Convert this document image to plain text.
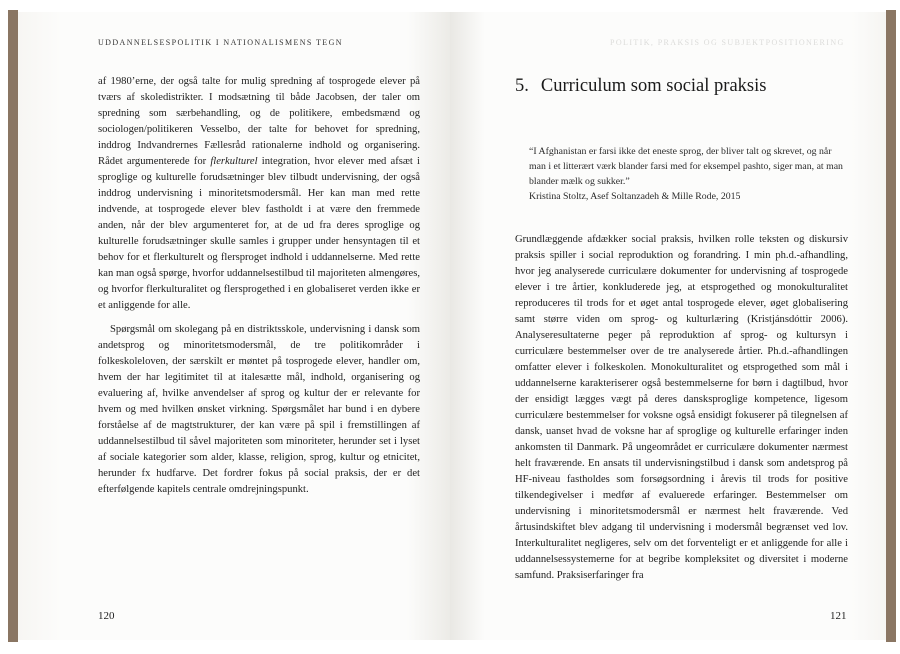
UDDANNELSESPOLITIK I NATIONALISMENS TEGN

af 1980’erne, der også talte for mulig spredning af tosprogede elever på tværs af skoledistrikter. I modsætning til både Jacobsen, der taler om spredning som særbehandling, og de politikere, embedsmænd og sociologen/politikeren Vesselbo, der talte for behovet for spredning, inddrog Indvandrernes Fællesråd rationalerne indhold og organisering. Rådet argumenterede for flerkulturel integration, hvor elever med afsæt i sproglige og kulturelle forudsætninger blev tilbudt undervisning, der også inddrog undervisning i minoritetsmodersmål. Her kan man med rette indvende, at tosprogede elever blev fastholdt i at være den fremmede anden, når der blev argumenteret for, at de ud fra deres sproglige og kulturelle forudsætninger skulle samles i grupper under hensyntagen til et behov for et flerkulturelt og flersproget indhold i uddannelserne. Med rette kan man også spørge, hvorfor uddannelsestilbud til majoriteten almengøres, og hvorfor flerkulturalitet og flersprogethed i en globaliseret verden ikke er et anliggende for alle.

Spørgsmål om skolegang på en distriktsskole, undervisning i dansk som andetsprog og minoritetsmodersmål, de tre politikområder i folkeskoleloven, der særskilt er møntet på tosprogede elever, handler om, hvem der har legitimitet til at italesætte mål, indhold, organisering og evaluering af, hvilke anvendelser af sprog og kultur der er relevante for hvem og med hvilken ønsket virkning. Spørgsmålet har bund i en dybere forståelse af de magtstrukturer, der kan være på spil i fremstillingen af uddannelsestilbud til såvel majoriteten som minoriteter, herunder set i lyset af sociale kategorier som alder, klasse, religion, sprog, kultur og etnicitet, herunder fx hudfarve. Det fordrer fokus på social praksis, der er det efterfølgende kapitels centrale omdrejningspunkt.

120
POLITIK, PRAKSIS OG SUBJEKTPOSITIONERING
5. Curriculum som social praksis
“I Afghanistan er farsi ikke det eneste sprog, der bliver talt og skrevet, og når man i et litterært værk blander farsi med for eksempel pashto, siger man, at man blander mælk og sukker.”
Kristina Stoltz, Asef Soltanzadeh & Mille Rode, 2015

Grundlæggende afdækker social praksis, hvilken rolle teksten og diskursiv praksis spiller i social reproduktion og forandring. I min ph.d.-afhandling, hvor jeg analyserede curriculære dokumenter for undervisning af tosprogede elever i tre årtier, konkluderede jeg, at etsprogethed og monokulturalitet reproduceres til trods for et øget antal tosprogede elever, øget globalisering samt større viden om sprog- og kulturlæring (Kristjánsdóttir 2006). Analyseresultaterne peger på reproduktion af sprog- og kultursyn i curriculære bestemmelser over de tre analyserede årtier. Ph.d.-afhandlingen omfatter elever i folkeskolen. Monokulturalitet og etsprogethed som mål i uddannelserne karakteriserer også bestemmelserne for børn i dagtilbud, hvor der ensidigt lægges vægt på deres dansksproglige kompetence, ligesom curriculære bestemmelser for voksne også ensidigt fokuserer på tilegnelsen af dansk, uanset hvad de voksne har af sproglige og kulturelle erfaringer inden ankomsten til Danmark. På ungeområdet er curriculære dokumenter nærmest helt fraværende. En ansats til undervisningstilbud i dansk som andetsprog på HF-niveau fastholdes som forsøgsordning i årevis til trods for positive tilkendegivelser i medfør af evaluerede erfaringer. Bestemmelser om undervisning i minoritetsmodersmål er nærmest helt fraværende. Ved årtusindskiftet blev adgang til undervisning i modersmål begrænset ved lov. Interkulturalitet negligeres, selv om det forventeligt er et anliggende for alle i uddannelsessystemerne for at begribe kompleksitet og diversitet i moderne samfund. Praksiserfaringer fra

121
